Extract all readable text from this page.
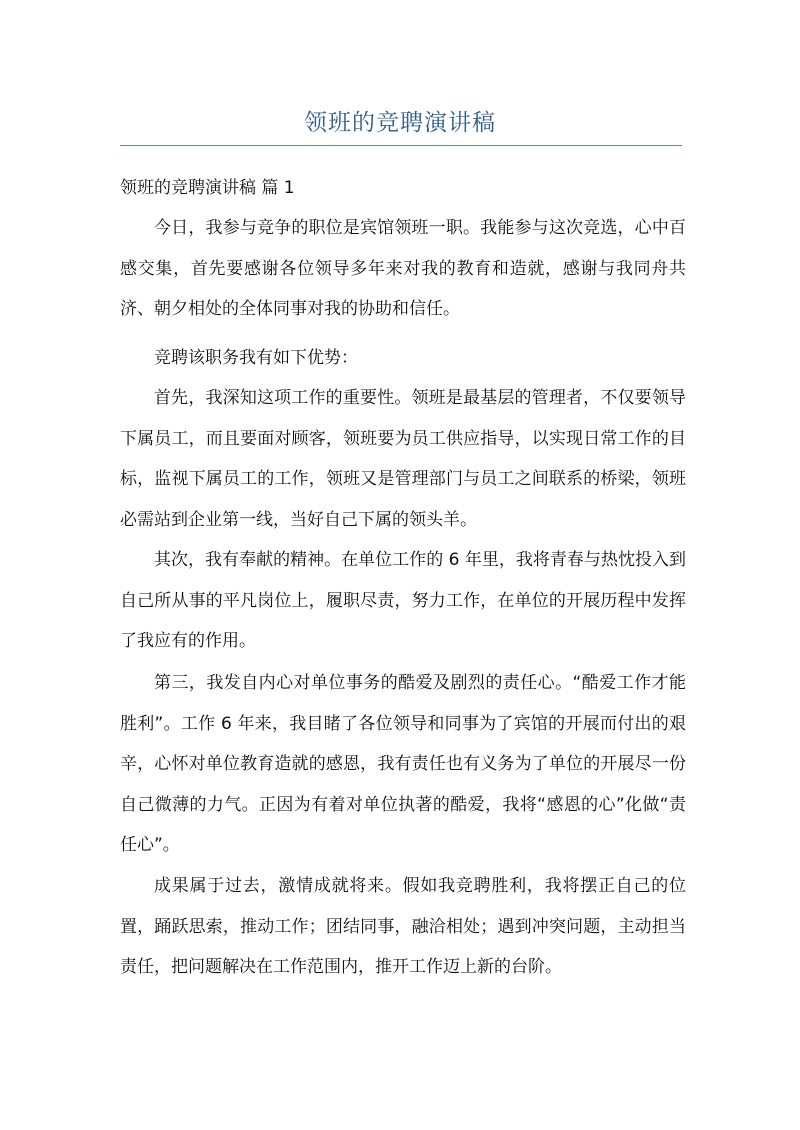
领班的竞聘演讲稿
领班的竞聘演讲稿 篇 1

今日，我参与竞争的职位是宾馆领班一职。我能参与这次竞选，心中百感交集，首先要感谢各位领导多年来对我的教育和造就，感谢与我同舟共济、朝夕相处的全体同事对我的协助和信任。

竞聘该职务我有如下优势：

首先，我深知这项工作的重要性。领班是最基层的管理者，不仅要领导下属员工，而且要面对顾客，领班要为员工供应指导，以实现日常工作的目标，监视下属员工的工作，领班又是管理部门与员工之间联系的桥梁，领班必需站到企业第一线，当好自己下属的领头羊。

其次，我有奉献的精神。在单位工作的 6 年里，我将青春与热忱投入到自己所从事的平凡岗位上，履职尽责，努力工作，在单位的开展历程中发挥了我应有的作用。

第三，我发自内心对单位事务的酷爱及剧烈的责任心。“酷爱工作才能胜利”。工作 6 年来，我目睹了各位领导和同事为了宾馆的开展而付出的艰辛，心怀对单位教育造就的感恩，我有责任也有义务为了单位的开展尽一份自己微薄的力气。正因为有着对单位执著的酷爱，我将“感恩的心”化做“责任心”。

成果属于过去，激情成就将来。假如我竞聘胜利，我将摆正自己的位置，踊跃思索，推动工作；团结同事，融洽相处；遇到冲突问题，主动担当责任，把问题解决在工作范围内，推开工作迈上新的台阶。
